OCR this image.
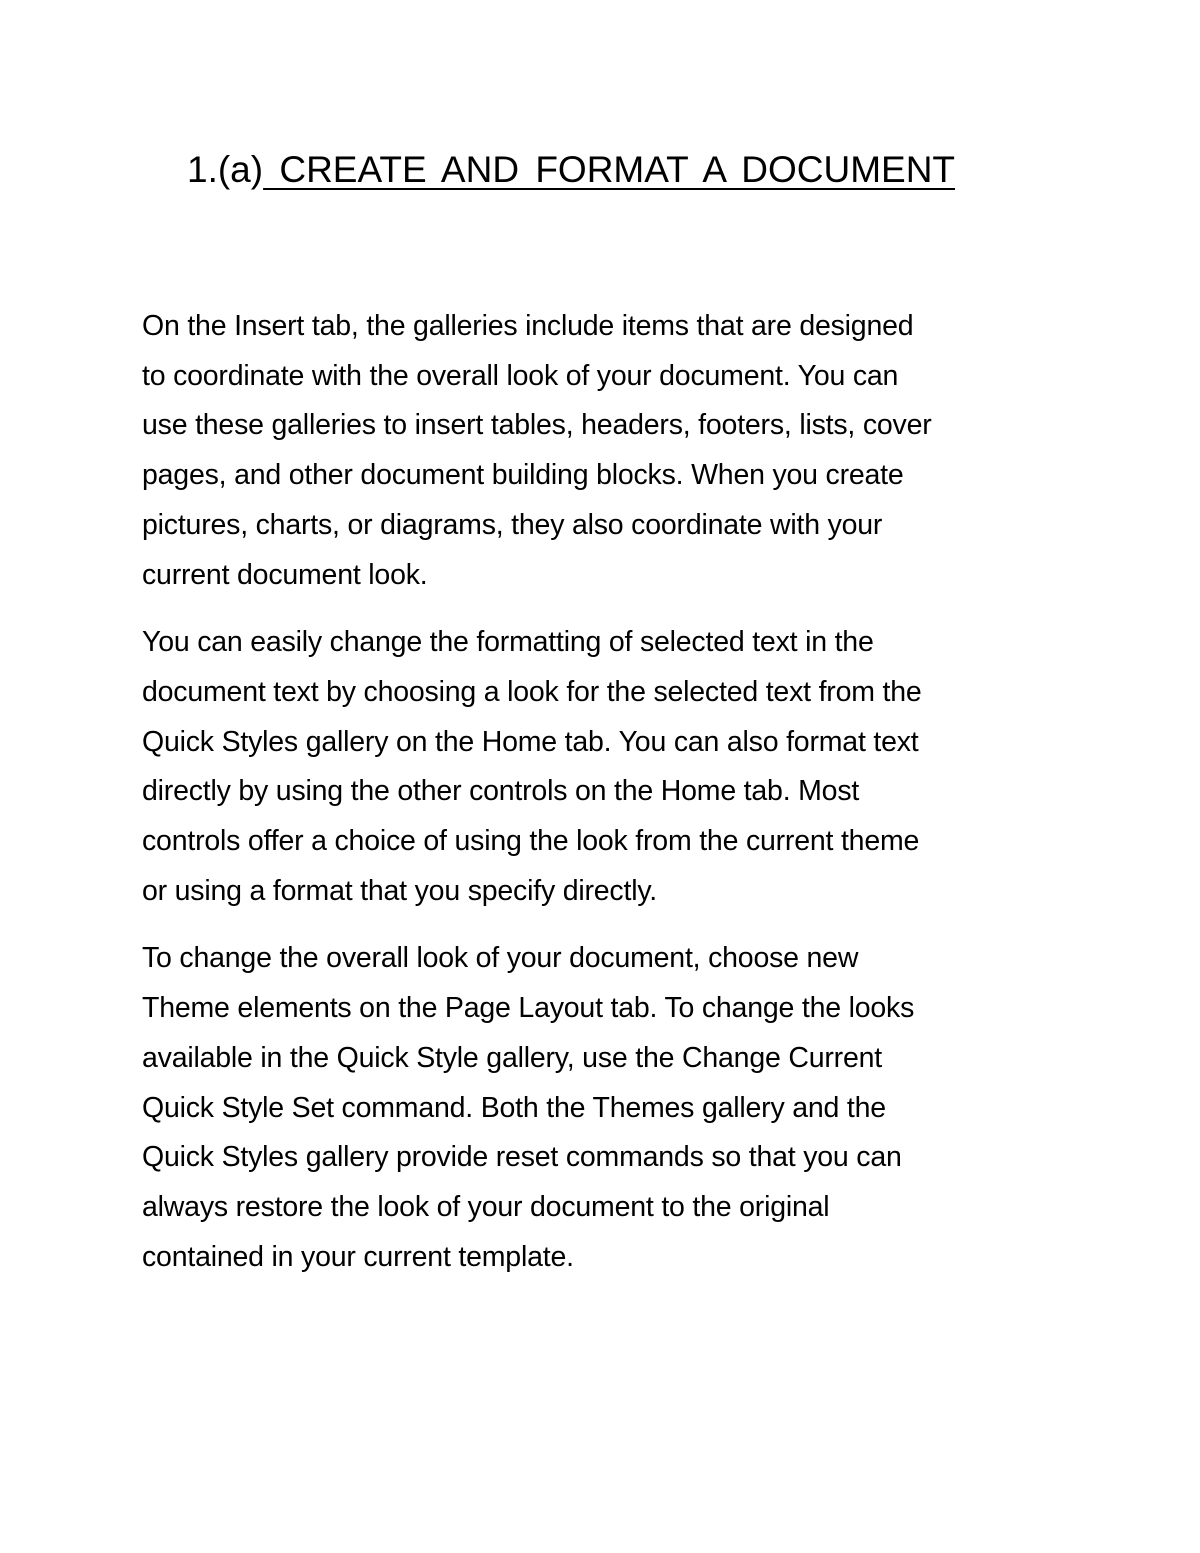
1.(a) CREATE AND FORMAT A DOCUMENT

On the Insert tab, the galleries include items that are designed
to coordinate with the overall look of your document. You can
use these galleries to insert tables, headers, footers, lists, cover
pages, and other document building blocks. When you create
pictures, charts, or diagrams, they also coordinate with your
current document look.

You can easily change the formatting of selected text in the
document text by choosing a look for the selected text from the
Quick Styles gallery on the Home tab. You can also format text
directly by using the other controls on the Home tab. Most
controls offer a choice of using the look from the current theme
or using a format that you specify directly.

To change the overall look of your document, choose new
Theme elements on the Page Layout tab. To change the looks
available in the Quick Style gallery, use the Change Current
Quick Style Set command. Both the Themes gallery and the
Quick Styles gallery provide reset commands so that you can
always restore the look of your document to the original
contained in your current template.
